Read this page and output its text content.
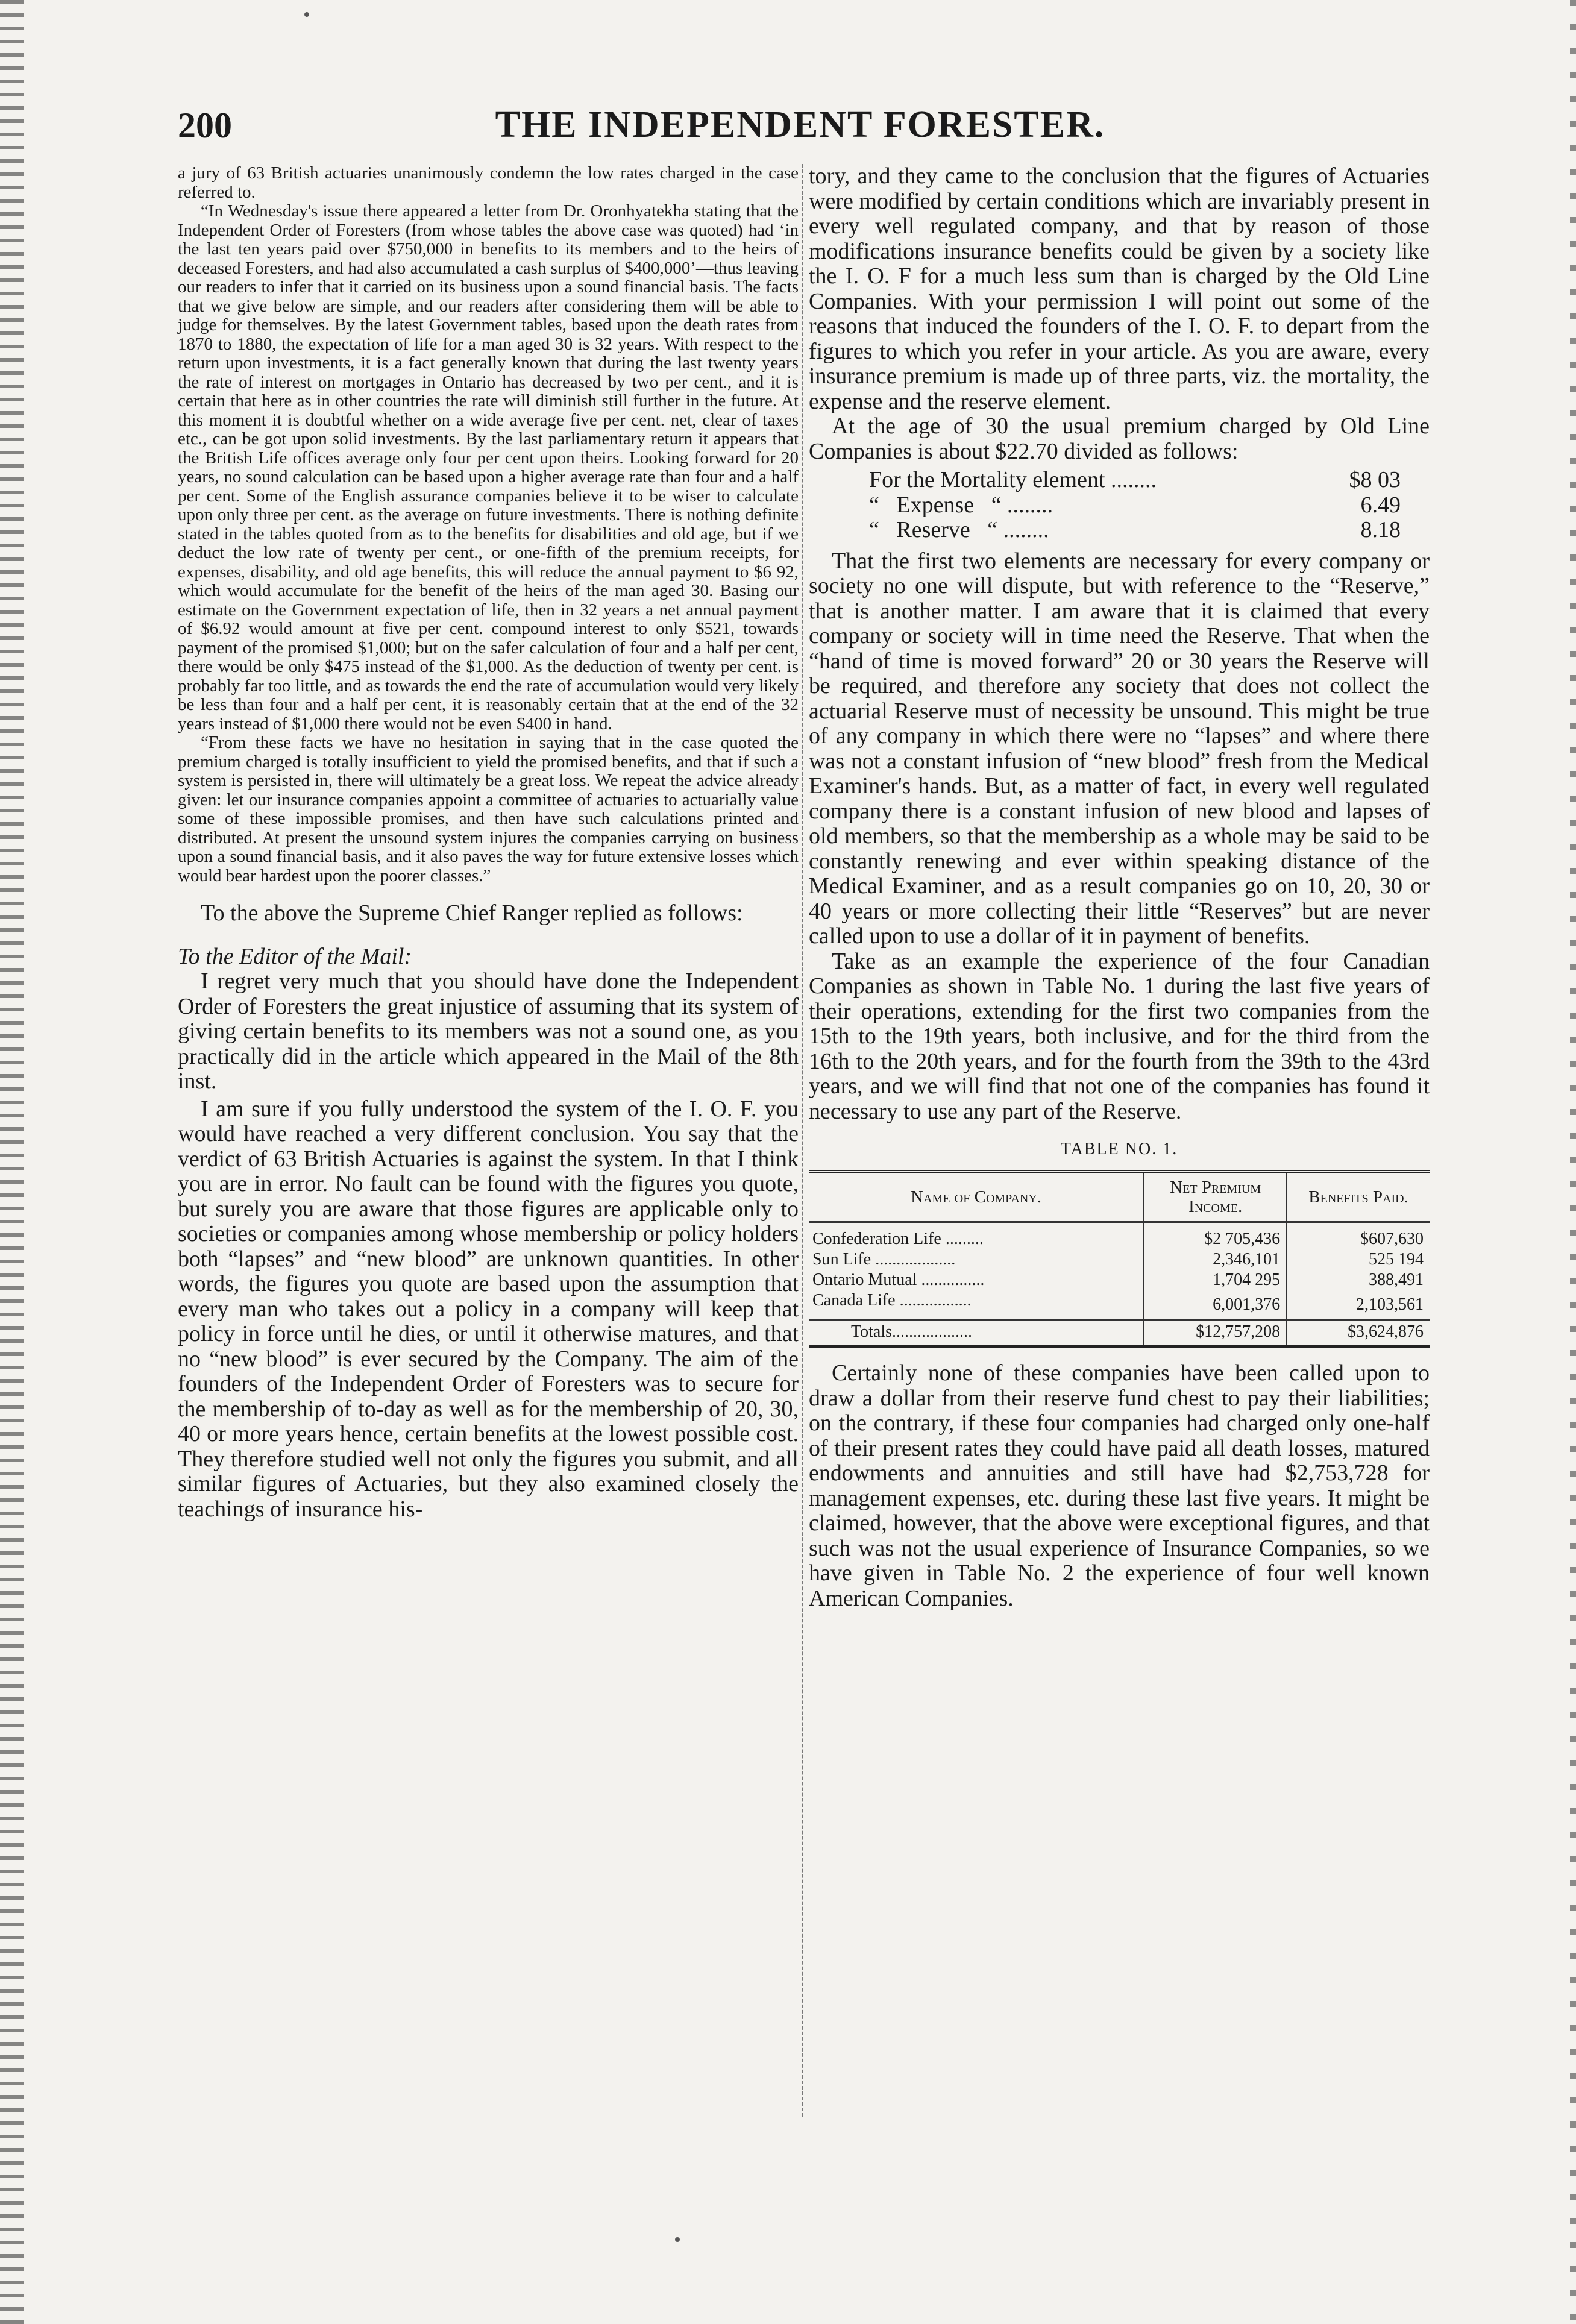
200	THE INDEPENDENT FORESTER.

a jury of 63 British actuaries unanimously condemn the low rates charged in the case referred to.

“In Wednesday's issue there appeared a letter from Dr. Oronhyatekha stating that the Independent Order of Foresters (from whose tables the above case was quoted) had ‘in the last ten years paid over $750,000 in benefits to its members and to the heirs of deceased Foresters, and had also accumulated a cash surplus of $400,000’—thus leaving our readers to infer that it carried on its business upon a sound financial basis. The facts that we give below are simple, and our readers after considering them will be able to judge for themselves. By the latest Government tables, based upon the death rates from 1870 to 1880, the expectation of life for a man aged 30 is 32 years. With respect to the return upon investments, it is a fact generally known that during the last twenty years the rate of interest on mortgages in Ontario has decreased by two per cent., and it is certain that here as in other countries the rate will diminish still further in the future. At this moment it is doubtful whether on a wide average five per cent. net, clear of taxes etc., can be got upon solid investments. By the last parliamentary return it appears that the British Life offices average only four per cent upon theirs. Looking forward for 20 years, no sound calculation can be based upon a higher average rate than four and a half per cent. Some of the English assurance companies believe it to be wiser to calculate upon only three per cent. as the average on future investments. There is nothing definite stated in the tables quoted from as to the benefits for disabilities and old age, but if we deduct the low rate of twenty per cent., or one-fifth of the premium receipts, for expenses, disability, and old age benefits, this will reduce the annual payment to $6 92, which would accumulate for the benefit of the heirs of the man aged 30. Basing our estimate on the Government expectation of life, then in 32 years a net annual payment of $6.92 would amount at five per cent. compound interest to only $521, towards payment of the promised $1,000; but on the safer calculation of four and a half per cent, there would be only $475 instead of the $1,000. As the deduction of twenty per cent. is probably far too little, and as towards the end the rate of accumulation would very likely be less than four and a half per cent, it is reasonably certain that at the end of the 32 years instead of $1,000 there would not be even $400 in hand.

“From these facts we have no hesitation in saying that in the case quoted the premium charged is totally insufficient to yield the promised benefits, and that if such a system is persisted in, there will ultimately be a great loss. We repeat the advice already given: let our insurance companies appoint a committee of actuaries to actuarially value some of these impossible promises, and then have such calculations printed and distributed. At present the unsound system injures the companies carrying on business upon a sound financial basis, and it also paves the way for future extensive losses which would bear hardest upon the poorer classes.”

To the above the Supreme Chief Ranger replied as follows:

To the Editor of the Mail:

I regret very much that you should have done the Independent Order of Foresters the great injustice of assuming that its system of giving certain benefits to its members was not a sound one, as you practically did in the article which appeared in the Mail of the 8th inst.

I am sure if you fully understood the system of the I. O. F. you would have reached a very different conclusion. You say that the verdict of 63 British Actuaries is against the system. In that I think you are in error. No fault can be found with the figures you quote, but surely you are aware that those figures are applicable only to societies or companies among whose membership or policy holders both “lapses” and “new blood” are unknown quantities. In other words, the figures you quote are based upon the assumption that every man who takes out a policy in a company will keep that policy in force until he dies, or until it otherwise matures, and that no “new blood” is ever secured by the Company. The aim of the founders of the Independent Order of Foresters was to secure for the membership of to-day as well as for the membership of 20, 30, 40 or more years hence, certain benefits at the lowest possible cost. They therefore studied well not only the figures you submit, and all similar figures of Actuaries, but they also examined closely the teachings of insurance his-

tory, and they came to the conclusion that the figures of Actuaries were modified by certain conditions which are invariably present in every well regulated company, and that by reason of those modifications insurance benefits could be given by a society like the I. O. F for a much less sum than is charged by the Old Line Companies. With your permission I will point out some of the reasons that induced the founders of the I. O. F. to depart from the figures to which you refer in your article. As you are aware, every insurance premium is made up of three parts, viz. the mortality, the expense and the reserve element.

At the age of 30 the usual premium charged by Old Line Companies is about $22.70 divided as follows:

For the Mortality element ........	$8 03
“   Expense   “ ........	6.49
“   Reserve   “ ........	8.18

That the first two elements are necessary for every company or society no one will dispute, but with reference to the “Reserve,” that is another matter. I am aware that it is claimed that every company or society will in time need the Reserve. That when the “hand of time is moved forward” 20 or 30 years the Reserve will be required, and therefore any society that does not collect the actuarial Reserve must of necessity be unsound. This might be true of any company in which there were no “lapses” and where there was not a constant infusion of “new blood” fresh from the Medical Examiner's hands. But, as a matter of fact, in every well regulated company there is a constant infusion of new blood and lapses of old members, so that the membership as a whole may be said to be constantly renewing and ever within speaking distance of the Medical Examiner, and as a result companies go on 10, 20, 30 or 40 years or more collecting their little “Reserves” but are never called upon to use a dollar of it in payment of benefits.

Take as an example the experience of the four Canadian Companies as shown in Table No. 1 during the last five years of their operations, extending for the first two companies from the 15th to the 19th years, both inclusive, and for the third from the 16th to the 20th years, and for the fourth from the 39th to the 43rd years, and we will find that not one of the companies has found it necessary to use any part of the Reserve.

TABLE NO. 1.
Name of Company.	Net Premium Income.	Benefits Paid.
Confederation Life .........	$2 705,436	$607,630
Sun Life ...................	2,346,101	525 194
Ontario Mutual ...............	1,704 295	388,491
Canada Life .................	6,001,376	2,103,561
Totals...................	$12,757,208	$3,624,876

Certainly none of these companies have been called upon to draw a dollar from their reserve fund chest to pay their liabilities; on the contrary, if these four companies had charged only one-half of their present rates they could have paid all death losses, matured endowments and annuities and still have had $2,753,728 for management expenses, etc. during these last five years. It might be claimed, however, that the above were exceptional figures, and that such was not the usual experience of Insurance Companies, so we have given in Table No. 2 the experience of four well known American Companies.
